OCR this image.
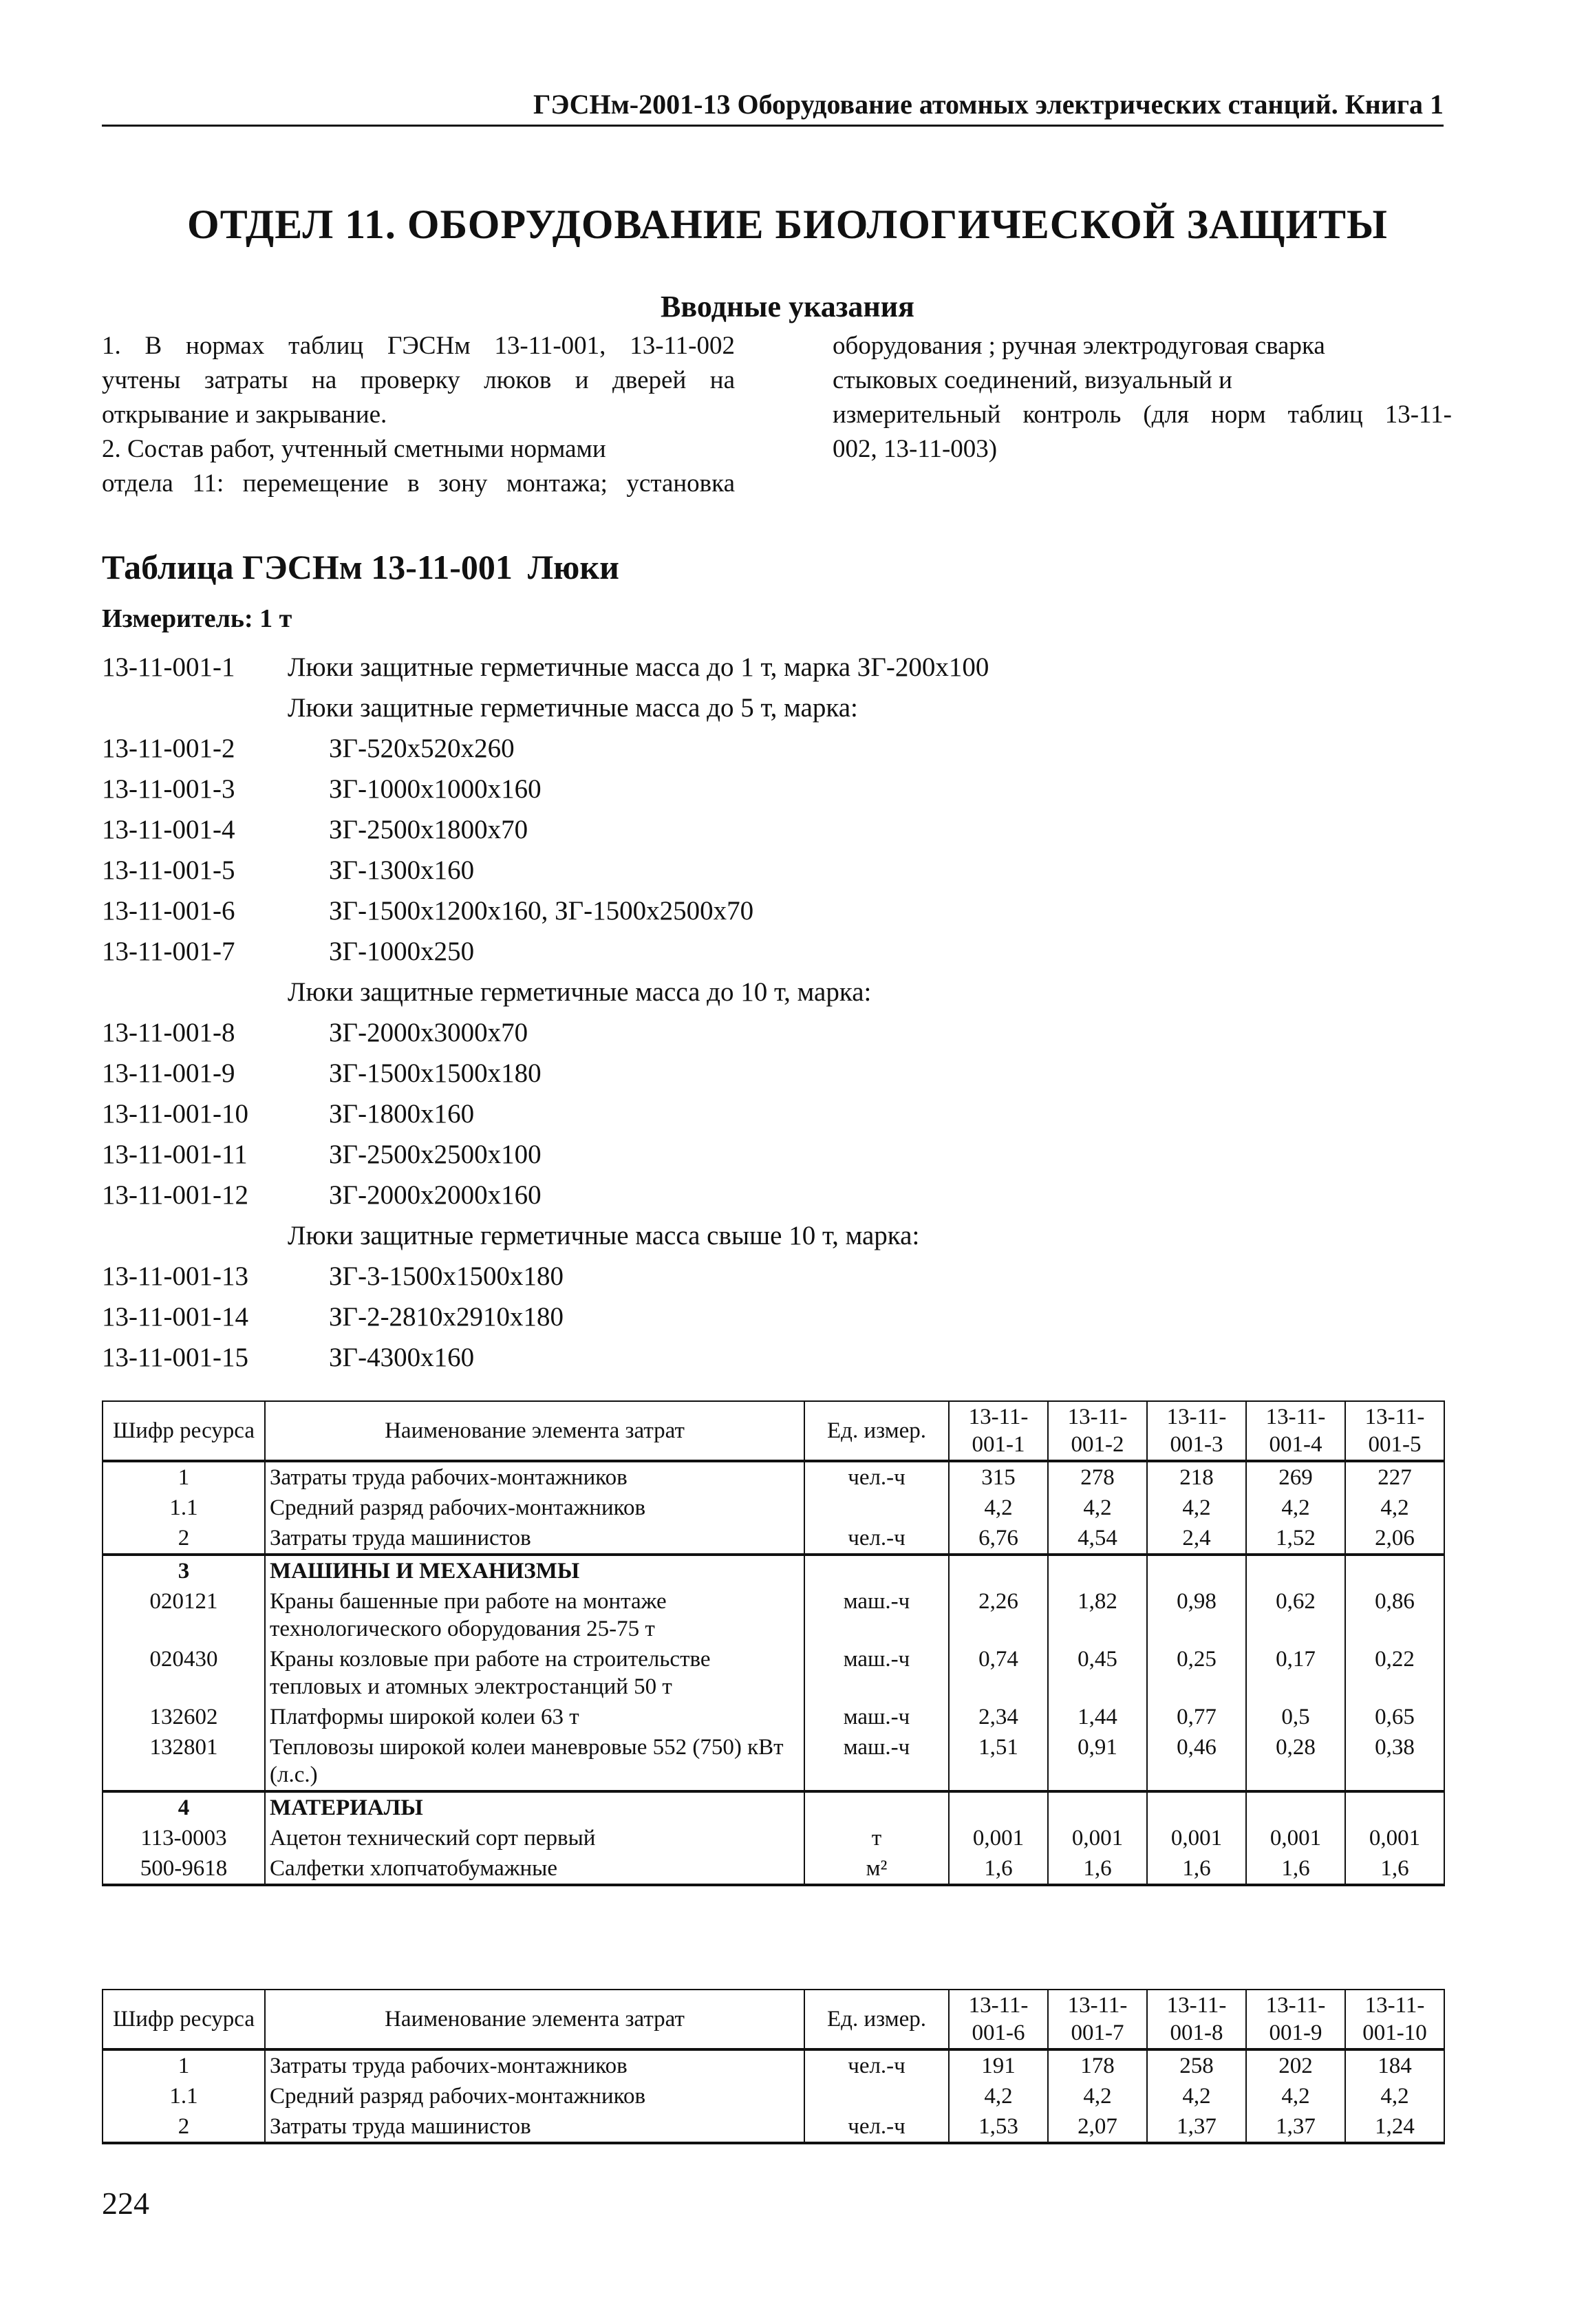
ГЭСНм-2001-13 Оборудование атомных электрических станций. Книга 1
ОТДЕЛ 11. ОБОРУДОВАНИЕ БИОЛОГИЧЕСКОЙ ЗАЩИТЫ
Вводные указания

1. В нормах таблиц ГЭСНм 13-11-001, 13-11-002

учтены затраты на проверку люков и дверей на

открывание и закрывание.

2. Состав работ, учтенный сметными нормами

отдела 11: перемещение в зону монтажа; установка

оборудования ; ручная электродуговая сварка

стыковых соединений, визуальный и

измерительный контроль (для норм таблиц 13-11-

002, 13-11-003)

Таблица ГЭСНм 13-11-001 Люки
Измеритель: 1 т
13-11-001-1 Люки защитные герметичные масса до 1 т, марка ЗГ-200х100
Люки защитные герметичные масса до 5 т, марка:
13-11-001-2	ЗГ-520х520х260
13-11-001-3	ЗГ-1000х1000х160
13-11-001-4	ЗГ-2500х1800х70
13-11-001-5	ЗГ-1300х160
13-11-001-6	ЗГ-1500х1200х160, ЗГ-1500х2500х70
13-11-001-7	ЗГ-1000х250
Люки защитные герметичные масса до 10 т, марка:
13-11-001-8	ЗГ-2000х3000х70
13-11-001-9	ЗГ-1500х1500х180
13-11-001-10	ЗГ-1800х160
13-11-001-11	ЗГ-2500х2500х100
13-11-001-12	ЗГ-2000х2000х160
Люки защитные герметичные масса свыше 10 т, марка:
13-11-001-13	ЗГ-3-1500х1500х180
13-11-001-14	ЗГ-2-2810х2910х180
13-11-001-15	ЗГ-4300х160
Шифр ресурса	Наименование элемента затрат	Ед. измер.	13-11-001-1	13-11-001-2	13-11-001-3	13-11-001-4	13-11-001-5
1	Затраты труда рабочих-монтажников	чел.-ч	315	278	218	269	227
1.1	Средний разряд рабочих-монтажников		4,2	4,2	4,2	4,2	4,2
2	Затраты труда машинистов	чел.-ч	6,76	4,54	2,4	1,52	2,06
3	МАШИНЫ И МЕХАНИЗМЫ						
020121	Краны башенные при работе на монтаже технологического оборудования 25-75 т	маш.-ч	2,26	1,82	0,98	0,62	0,86
020430	Краны козловые при работе на строительстве тепловых и атомных электростанций 50 т	маш.-ч	0,74	0,45	0,25	0,17	0,22
132602	Платформы широкой колеи 63 т	маш.-ч	2,34	1,44	0,77	0,5	0,65
132801	Тепловозы широкой колеи маневровые 552 (750) кВт (л.с.)	маш.-ч	1,51	0,91	0,46	0,28	0,38
4	МАТЕРИАЛЫ						
113-0003	Ацетон технический сорт первый	т	0,001	0,001	0,001	0,001	0,001
500-9618	Салфетки хлопчатобумажные	м²	1,6	1,6	1,6	1,6	1,6
Шифр ресурса	Наименование элемента затрат	Ед. измер.	13-11-001-6	13-11-001-7	13-11-001-8	13-11-001-9	13-11-001-10
1	Затраты труда рабочих-монтажников	чел.-ч	191	178	258	202	184
1.1	Средний разряд рабочих-монтажников		4,2	4,2	4,2	4,2	4,2
2	Затраты труда машинистов	чел.-ч	1,53	2,07	1,37	1,37	1,24
224
